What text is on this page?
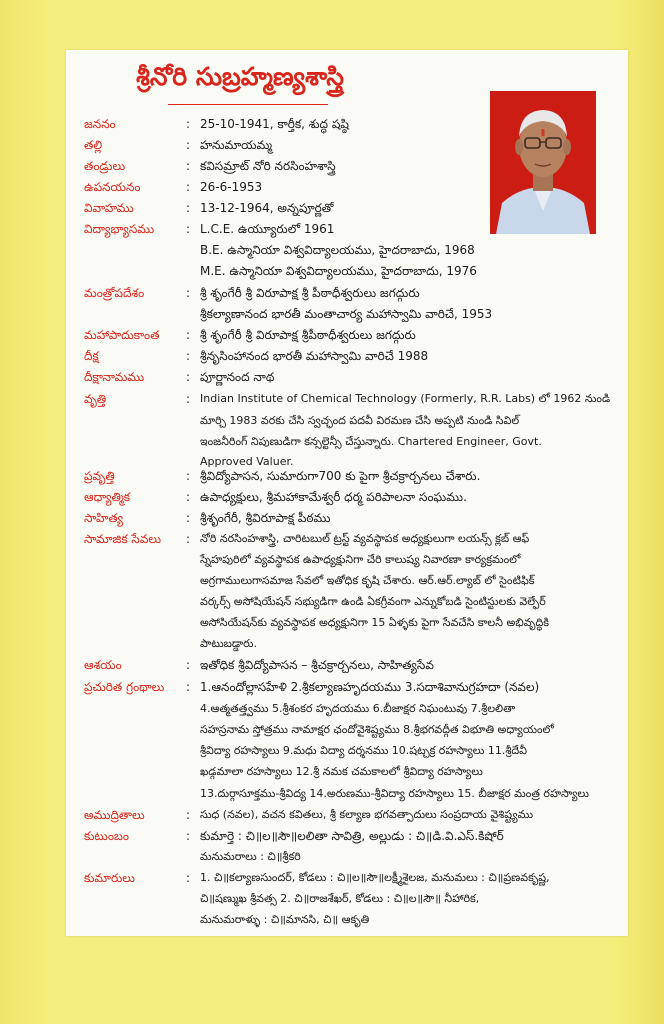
శ్రీనోరి సుబ్రహ్మణ్యశాస్త్రి
జననం	: 25-10-1941, కార్తీక, శుద్ధ షష్ఠి
తల్లి	: హనుమాయమ్మ
తండ్రులు	: కవిసమ్రాట్ నోరి నరసింహశాస్త్రి
ఉపనయనం	: 26-6-1953
వివాహము	: 13-12-1964, అన్నపూర్ణతో
విద్యాభ్యాసము	: L.C.E. ఉయ్యూరులో 1961
B.E. ఉస్మానియా విశ్వవిద్యాలయము, హైదరాబాదు, 1968
M.E. ఉస్మానియా విశ్వవిద్యాలయము, హైదరాబాదు, 1976
మంత్రోపదేశం	: శ్రీ శృంగేరీ శ్రీ విరూపాక్ష శ్రీ పీఠాధీశ్వరులు జగద్గురు
శ్రీకల్యాణానంద భారతీ మంతాచార్య మహాస్వామి వారిచే, 1953
మహాపాదుకాంత : శ్రీ శృంగేరీ శ్రీ విరూపాక్ష శ్రీపీఠాధీశ్వరులు జగద్గురు
దీక్ష	: శ్రీనృసింహానంద భారతీ మహాస్వామి వారిచే 1988
దీక్షానామము	: పూర్ణానంద నాథ
వృత్తి	: Indian Institute of Chemical Technology (Formerly, R.R. Labs) లో 1962 నుండి
మార్చి 1983 వరకు చేసి స్వచ్ఛంద పదవీ విరమణ చేసి అప్పటి నుండి సివిల్
ఇంజనీరింగ్ నిపుణుడిగా కన్సల్టెన్సీ చేస్తున్నారు. Chartered Engineer, Govt.
Approved Valuer.
ప్రవృత్తి	: శ్రీవిద్యోపాసన, సుమారుగా700 కు పైగా శ్రీచక్రార్చనలు చేశారు.
ఆధ్యాత్మిక	: ఉపాధ్యక్షులు, శ్రీమహాకామేశ్వరీ ధర్మ పరిపాలనా సంఘము.
సాహిత్య	: శ్రీశృంగేరీ, శ్రీవిరూపాక్ష పీఠము
సామాజిక సేవలు : నోరి నరసింహశాస్త్రి, చారిటబుల్ ట్రస్ట్ వ్యవస్థాపక అధ్యక్షులుగా లయన్స్ క్లబ్ ఆఫ్
స్నేహపురిలో వ్యవస్థాపక ఉపాధ్యక్షునిగా చేరి కాలుష్య నివారణా కార్యక్రమంలో
అగ్రగాములుగాసమాజ సేవలో ఇతోధిక కృషి చేశారు. ఆర్.ఆర్.ల్యాబ్ లో సైంటిఫిక్
వర్కర్స్ అసోషియేషన్ సభ్యుడిగా ఉండి ఏకగ్రీవంగా ఎన్నుకోబడి సైంటిస్టులకు వెల్ఫేర్
అసోసియేషన్‌కు వ్యవస్థాపక అధ్యక్షునిగా 15 ఏళ్ళకు పైగా సేవచేసి కాలనీ అభివృద్ధికి
పాటుబడ్డారు.
ఆశయం	: ఇతోధిక శ్రీవిద్యోపాసన – శ్రీచక్రార్చనలు, సాహిత్యసేవ
ప్రచురిత గ్రంథాలు : 1.ఆనందోల్లాసహేళి 2.శ్రీకల్యాణహృదయము 3.సదాశివానుగ్రహదా (నవల)
4.ఆత్మతత్త్వము 5.శ్రీశంకర హృదయము 6.బీజాక్షర నిఘంటువు 7.శ్రీలలితా
సహస్రనామ స్తోత్రము నామాక్షర ఛందోవైశిష్ట్యము 8.శ్రీభగవద్గీత విభూతి అధ్యాయంలో
శ్రీవిద్యా రహస్యాలు 9.మధు విద్యా దర్శనము 10.షట్చక్ర రహస్యాలు 11.శ్రీదేవీ
ఖడ్గమాలా రహస్యాలు 12.శ్రీ నమక చమకాలలో శ్రీవిద్యా రహస్యాలు
13.దుర్గాసూక్తము-శ్రీవిద్య 14.అరుణము-శ్రీవిద్యా రహస్యాలు 15. బీజాక్షర మంత్ర రహస్యాలు
అముద్రితాలు	: సుధ (నవల), వచన కవితలు, శ్రీ కల్యాణ భగవత్పాదులు సంప్రదాయ వైశిష్ట్యము
కుటుంబం	: కుమార్తె : చి॥ల॥సౌ॥లలితా సావిత్రి, అల్లుడు : చి॥డి.వి.ఎస్.కిషోర్
మనుమరాలు : చి॥శ్రీకరి
కుమారులు	: 1. చి॥కల్యాణసుందర్, కోడలు : చి॥ల॥సౌ॥లక్ష్మీశైలజ, మనుమలు : చి॥ప్రణవకృష్ణ,
చి॥షణ్ముఖ శ్రీవత్స 2. చి॥రాజశేఖర్, కోడలు : చి॥ల॥సౌ॥ నీహారిక,
మనుమరాళ్ళు : చి॥మానసి, చి॥ ఆకృతి
